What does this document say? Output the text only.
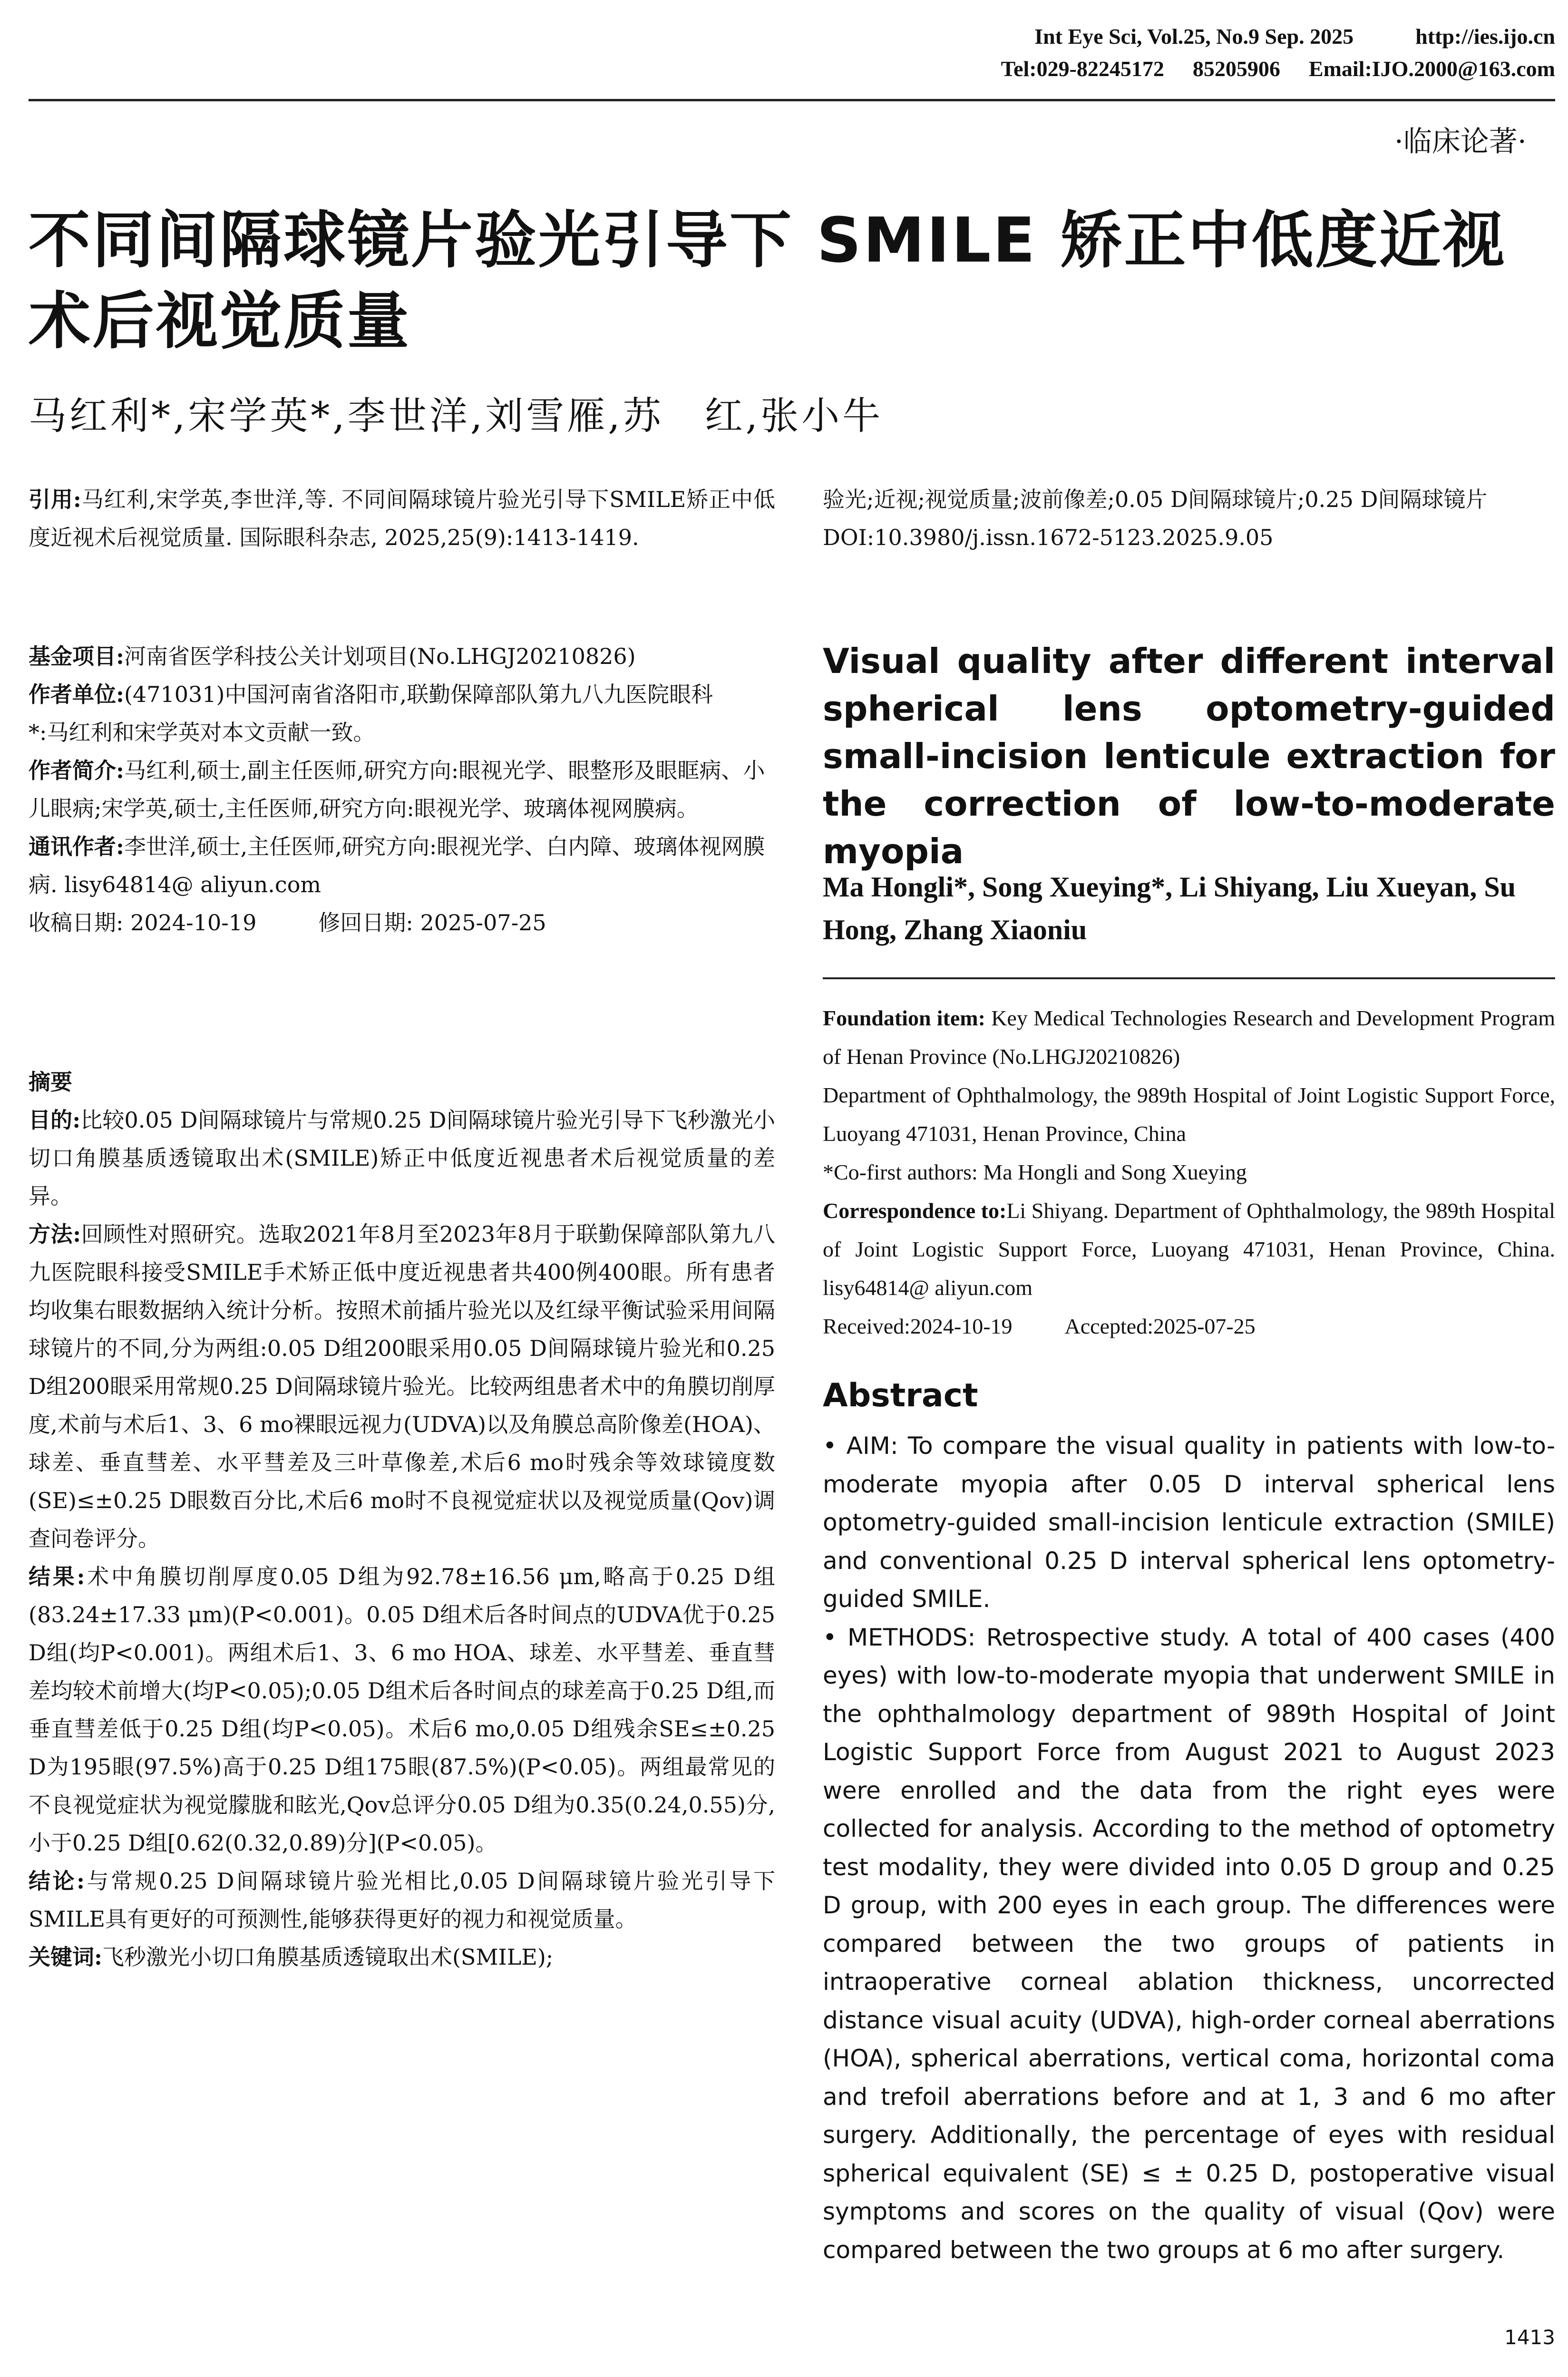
Int Eye Sci, Vol.25, No.9 Sep. 2025	http://ies.ijo.cn
Tel:029-82245172 85205906 Email:IJO.2000@163.com
·临床论著·
不同间隔球镜片验光引导下 SMILE 矫正中低度近视术后视觉质量
马红利*,宋学英*,李世洋,刘雪雁,苏　红,张小牛
引用:马红利,宋学英,李世洋,等. 不同间隔球镜片验光引导下SMILE矫正中低度近视术后视觉质量. 国际眼科杂志, 2025,25(9):1413-1419.

基金项目:河南省医学科技公关计划项目(No.LHGJ20210826)

作者单位:(471031)中国河南省洛阳市,联勤保障部队第九八九医院眼科

*:马红利和宋学英对本文贡献一致。

作者简介:马红利,硕士,副主任医师,研究方向:眼视光学、眼整形及眼眶病、小儿眼病;宋学英,硕士,主任医师,研究方向:眼视光学、玻璃体视网膜病。

通讯作者:李世洋,硕士,主任医师,研究方向:眼视光学、白内障、玻璃体视网膜病. lisy64814@ aliyun.com

收稿日期: 2024-10-19	修回日期: 2025-07-25

摘要

目的:比较0.05 D间隔球镜片与常规0.25 D间隔球镜片验光引导下飞秒激光小切口角膜基质透镜取出术(SMILE)矫正中低度近视患者术后视觉质量的差异。

方法:回顾性对照研究。选取2021年8月至2023年8月于联勤保障部队第九八九医院眼科接受SMILE手术矫正低中度近视患者共400例400眼。所有患者均收集右眼数据纳入统计分析。按照术前插片验光以及红绿平衡试验采用间隔球镜片的不同,分为两组:0.05 D组200眼采用0.05 D间隔球镜片验光和0.25 D组200眼采用常规0.25 D间隔球镜片验光。比较两组患者术中的角膜切削厚度,术前与术后1、3、6 mo裸眼远视力(UDVA)以及角膜总高阶像差(HOA)、球差、垂直彗差、水平彗差及三叶草像差,术后6 mo时残余等效球镜度数(SE)≤±0.25 D眼数百分比,术后6 mo时不良视觉症状以及视觉质量(Qov)调查问卷评分。

结果:术中角膜切削厚度0.05 D组为92.78±16.56 μm,略高于0.25 D组(83.24±17.33 μm)(P<0.001)。0.05 D组术后各时间点的UDVA优于0.25 D组(均P<0.001)。两组术后1、3、6 mo HOA、球差、水平彗差、垂直彗差均较术前增大(均P<0.05);0.05 D组术后各时间点的球差高于0.25 D组,而垂直彗差低于0.25 D组(均P<0.05)。术后6 mo,0.05 D组残余SE≤±0.25 D为195眼(97.5%)高于0.25 D组175眼(87.5%)(P<0.05)。两组最常见的不良视觉症状为视觉朦胧和眩光,Qov总评分0.05 D组为0.35(0.24,0.55)分,小于0.25 D组[0.62(0.32,0.89)分](P<0.05)。

结论:与常规0.25 D间隔球镜片验光相比,0.05 D间隔球镜片验光引导下SMILE具有更好的可预测性,能够获得更好的视力和视觉质量。

关键词:飞秒激光小切口角膜基质透镜取出术(SMILE);

验光;近视;视觉质量;波前像差;0.05 D间隔球镜片;0.25 D间隔球镜片

DOI:10.3980/j.issn.1672-5123.2025.9.05

Visual quality after different interval spherical lens optometry-guided small-incision lenticule extraction for the correction of low-to-moderate myopia
Ma Hongli*, Song Xueying*, Li Shiyang, Liu Xueyan, Su Hong, Zhang Xiaoniu

Foundation item: Key Medical Technologies Research and Development Program of Henan Province (No.LHGJ20210826)

Department of Ophthalmology, the 989th Hospital of Joint Logistic Support Force, Luoyang 471031, Henan Province, China

*Co-first authors: Ma Hongli and Song Xueying

Correspondence to:Li Shiyang. Department of Ophthalmology, the 989th Hospital of Joint Logistic Support Force, Luoyang 471031, Henan Province, China. lisy64814@ aliyun.com

Received:2024-10-19 Accepted:2025-07-25

Abstract

• AIM: To compare the visual quality in patients with low-to-moderate myopia after 0.05 D interval spherical lens optometry-guided small-incision lenticule extraction (SMILE) and conventional 0.25 D interval spherical lens optometry-guided SMILE.

• METHODS: Retrospective study. A total of 400 cases (400 eyes) with low-to-moderate myopia that underwent SMILE in the ophthalmology department of 989th Hospital of Joint Logistic Support Force from August 2021 to August 2023 were enrolled and the data from the right eyes were collected for analysis. According to the method of optometry test modality, they were divided into 0.05 D group and 0.25 D group, with 200 eyes in each group. The differences were compared between the two groups of patients in intraoperative corneal ablation thickness, uncorrected distance visual acuity (UDVA), high-order corneal aberrations (HOA), spherical aberrations, vertical coma, horizontal coma and trefoil aberrations before and at 1, 3 and 6 mo after surgery. Additionally, the percentage of eyes with residual spherical equivalent (SE) ≤ ± 0.25 D, postoperative visual symptoms and scores on the quality of visual (Qov) were compared between the two groups at 6 mo after surgery.

1413
